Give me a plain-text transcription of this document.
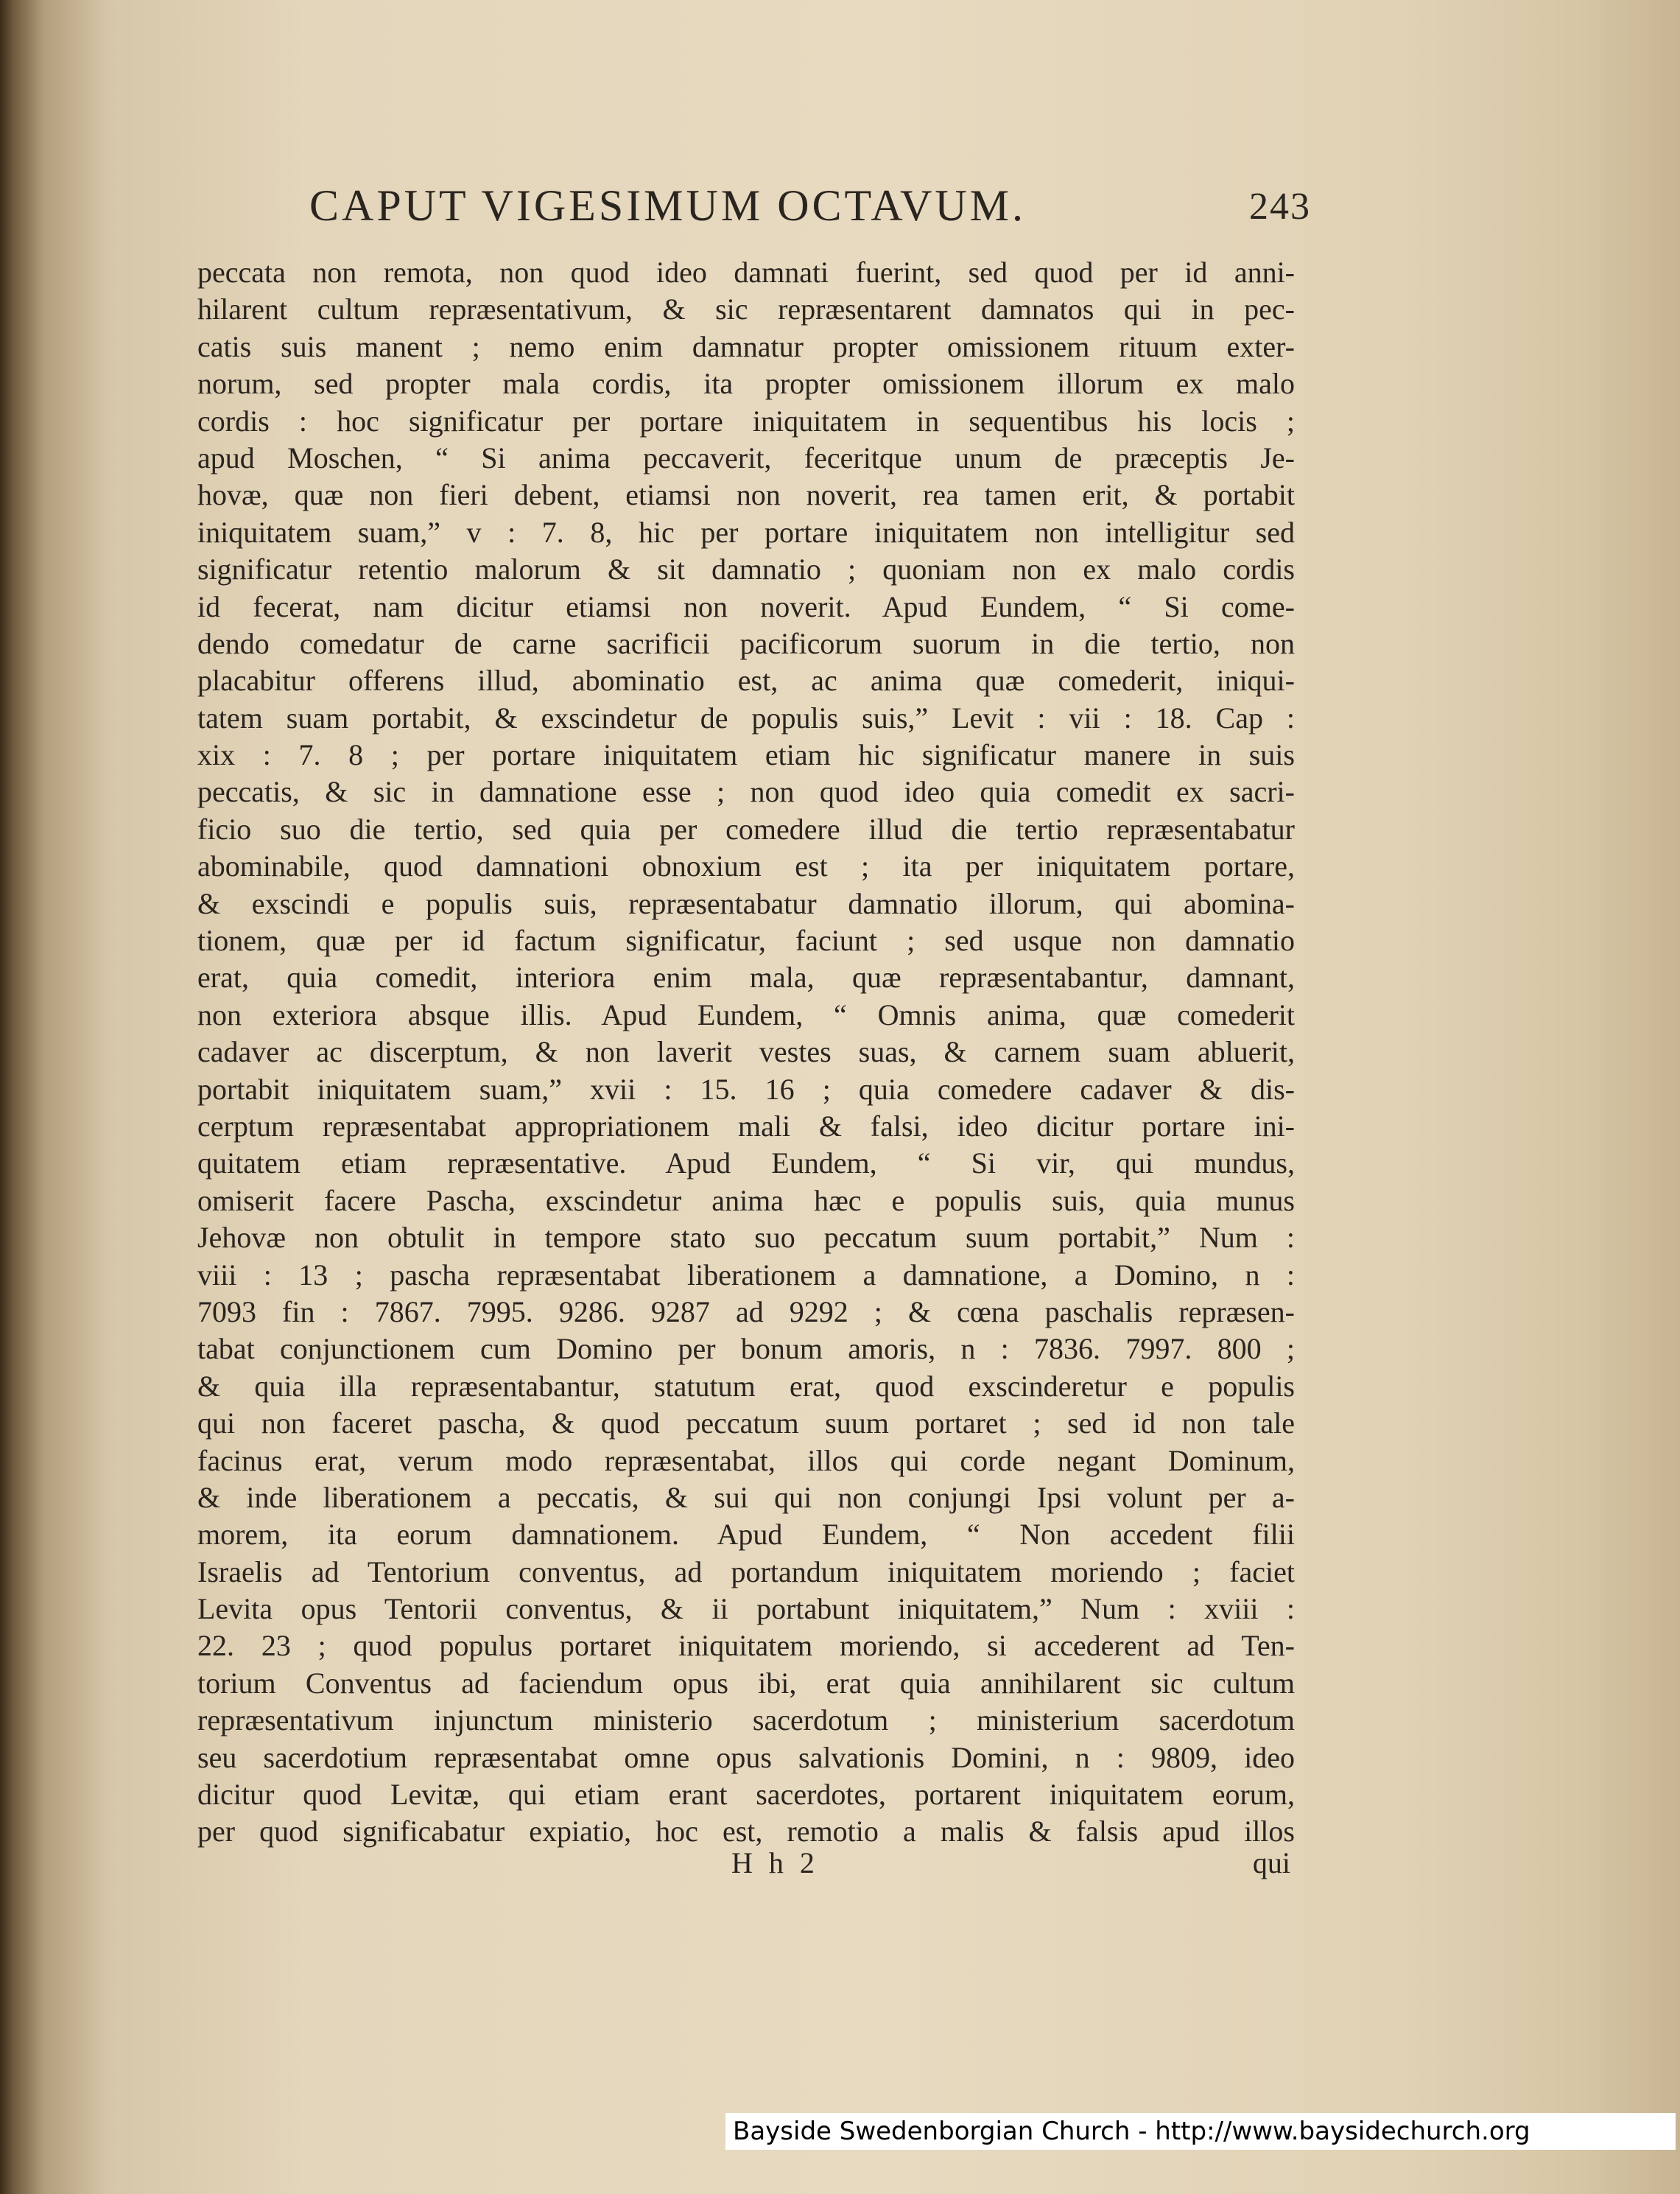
CAPUT VIGESIMUM OCTAVUM.	243
peccata non remota, non quod ideo damnati fuerint, sed quod per id anni-
hilarent cultum repræsentativum, & sic repræsentarent damnatos qui in pec-
catis suis manent ; nemo enim damnatur propter omissionem rituum exter-
norum, sed propter mala cordis, ita propter omissionem illorum ex malo
cordis : hoc significatur per portare iniquitatem in sequentibus his locis ;
apud Moschen, “ Si anima peccaverit, feceritque unum de præceptis Je-
hovæ, quæ non fieri debent, etiamsi non noverit, rea tamen erit, & portabit
iniquitatem suam,” v : 7. 8, hic per portare iniquitatem non intelligitur sed
significatur retentio malorum & sit damnatio ; quoniam non ex malo cordis
id fecerat, nam dicitur etiamsi non noverit. Apud Eundem, “ Si come-
dendo comedatur de carne sacrificii pacificorum suorum in die tertio, non
placabitur offerens illud, abominatio est, ac anima quæ comederit, iniqui-
tatem suam portabit, & exscindetur de populis suis,” Levit : vii : 18. Cap :
xix : 7. 8 ; per portare iniquitatem etiam hic significatur manere in suis
peccatis, & sic in damnatione esse ; non quod ideo quia comedit ex sacri-
ficio suo die tertio, sed quia per comedere illud die tertio repræsentabatur
abominabile, quod damnationi obnoxium est ; ita per iniquitatem portare,
& exscindi e populis suis, repræsentabatur damnatio illorum, qui abomina-
tionem, quæ per id factum significatur, faciunt ; sed usque non damnatio
erat, quia comedit, interiora enim mala, quæ repræsentabantur, damnant,
non exteriora absque illis. Apud Eundem, “ Omnis anima, quæ comederit
cadaver ac discerptum, & non laverit vestes suas, & carnem suam abluerit,
portabit iniquitatem suam,” xvii : 15. 16 ; quia comedere cadaver & dis-
cerptum repræsentabat appropriationem mali & falsi, ideo dicitur portare ini-
quitatem etiam repræsentative. Apud Eundem, “ Si vir, qui mundus,
omiserit facere Pascha, exscindetur anima hæc e populis suis, quia munus
Jehovæ non obtulit in tempore stato suo peccatum suum portabit,” Num :
viii : 13 ; pascha repræsentabat liberationem a damnatione, a Domino, n :
7093 fin : 7867. 7995. 9286. 9287 ad 9292 ; & cœna paschalis repræsen-
tabat conjunctionem cum Domino per bonum amoris, n : 7836. 7997. 800 ;
& quia illa repræsentabantur, statutum erat, quod exscinderetur e populis
qui non faceret pascha, & quod peccatum suum portaret ; sed id non tale
facinus erat, verum modo repræsentabat, illos qui corde negant Dominum,
& inde liberationem a peccatis, & sui qui non conjungi Ipsi volunt per a-
morem, ita eorum damnationem. Apud Eundem, “ Non accedent filii
Israelis ad Tentorium conventus, ad portandum iniquitatem moriendo ; faciet
Levita opus Tentorii conventus, & ii portabunt iniquitatem,” Num : xviii :
22. 23 ; quod populus portaret iniquitatem moriendo, si accederent ad Ten-
torium Conventus ad faciendum opus ibi, erat quia annihilarent sic cultum
repræsentativum injunctum ministerio sacerdotum ; ministerium sacerdotum
seu sacerdotium repræsentabat omne opus salvationis Domini, n : 9809, ideo
dicitur quod Levitæ, qui etiam erant sacerdotes, portarent iniquitatem eorum,
per quod significabatur expiatio, hoc est, remotio a malis & falsis apud illos
H h 2	qui
Bayside Swedenborgian Church - http://www.baysidechurch.org
